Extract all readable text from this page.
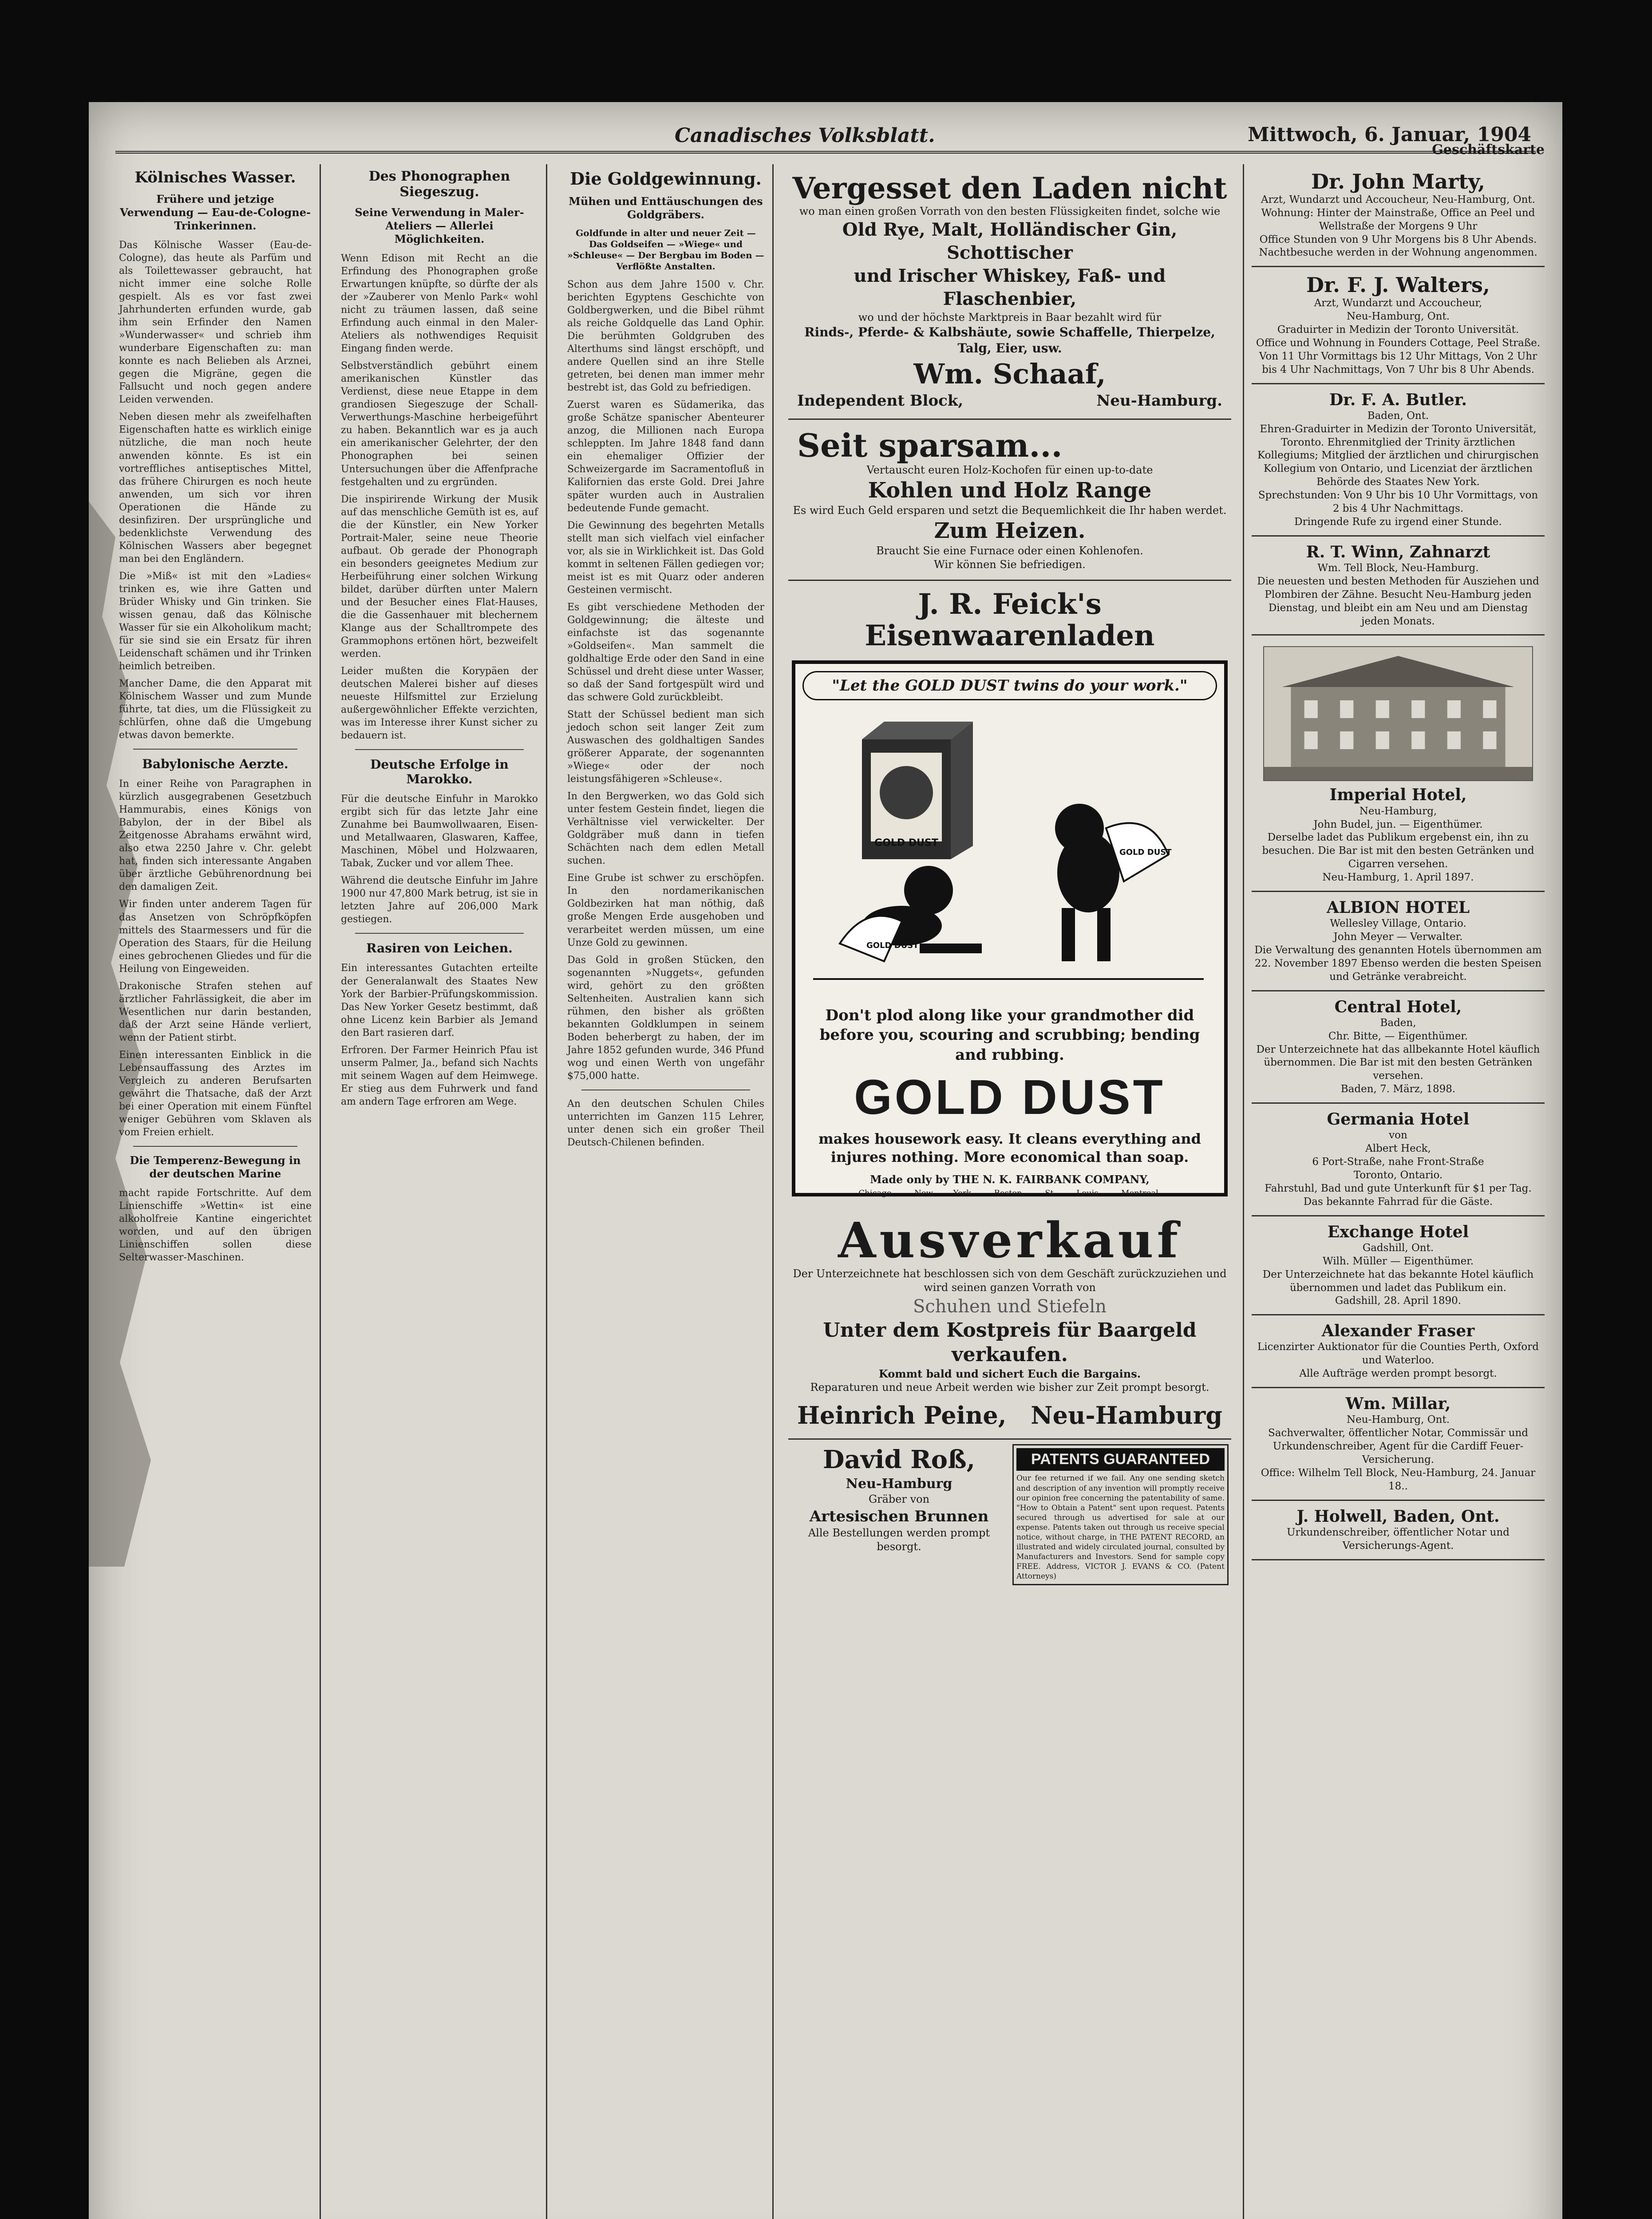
Canadisches Volksblatt.	Mittwoch, 6. Januar, 1904
Kölnisches Wasser.
Frühere und jetzige Verwendung — Eau-de-Cologne-Trinkerinnen.

Das Kölnische Wasser (Eau-de-Cologne), das heute als Parfüm und als Toilettewasser gebraucht, hat nicht immer eine solche Rolle gespielt. Als es vor fast zwei Jahrhunderten erfunden wurde, gab ihm sein Erfinder den Namen »Wunderwasser« und schrieb ihm wunderbare Eigenschaften zu: man konnte es nach Belieben als Arznei, gegen die Migräne, gegen die Fallsucht und noch gegen andere Leiden verwenden.

Neben diesen mehr als zweifelhaften Eigenschaften hatte es wirklich einige nützliche, die man noch heute anwenden könnte. Es ist ein vortreffliches antiseptisches Mittel, das frühere Chirurgen es noch heute anwenden, um sich vor ihren Operationen die Hände zu desinfiziren. Der ursprüngliche und bedenklichste Verwendung des Kölnischen Wassers aber begegnet man bei den Engländern.

Die »Miß« ist mit den »Ladies« trinken es, wie ihre Gatten und Brüder Whisky und Gin trinken. Sie wissen genau, daß das Kölnische Wasser für sie ein Alkoholikum macht; für sie sind sie ein Ersatz für ihren Leidenschaft schämen und ihr Trinken heimlich betreiben.

Mancher Dame, die den Apparat mit Kölnischem Wasser und zum Munde führte, tat dies, um die Flüssigkeit zu schlürfen, ohne daß die Umgebung etwas davon bemerkte.

Babylonische Aerzte.

In einer Reihe von Paragraphen in kürzlich ausgegrabenen Gesetzbuch Hammurabis, eines Königs von Babylon, der in der Bibel als Zeitgenosse Abrahams erwähnt wird, also etwa 2250 Jahre v. Chr. gelebt hat, finden sich interessante Angaben über ärztliche Gebührenordnung bei den damaligen Zeit.

Wir finden unter anderem Tagen für das Ansetzen von Schröpfköpfen mittels des Staarmessers und für die Operation des Staars, für die Heilung eines gebrochenen Gliedes und für die Heilung von Eingeweiden.

Drakonische Strafen stehen auf ärztlicher Fahrlässigkeit, die aber im Wesentlichen nur darin bestanden, daß der Arzt seine Hände verliert, wenn der Patient stirbt.

Einen interessanten Einblick in die Lebensauffassung des Arztes im Vergleich zu anderen Berufsarten gewährt die Thatsache, daß der Arzt bei einer Operation mit einem Fünftel weniger Gebühren vom Sklaven als vom Freien erhielt.

Die Temperenz-Bewegung in der deutschen Marine

macht rapide Fortschritte. Auf dem Linienschiffe »Wettin« ist eine alkoholfreie Kantine eingerichtet worden, und auf den übrigen Linienschiffen sollen diese Selterwasser-Maschinen.

Des Phonographen Siegeszug.
Seine Verwendung in Maler-Ateliers — Allerlei Möglichkeiten.

Wenn Edison mit Recht an die Erfindung des Phonographen große Erwartungen knüpfte, so dürfte der als der »Zauberer von Menlo Park« wohl nicht zu träumen lassen, daß seine Erfindung auch einmal in den Maler-Ateliers als nothwendiges Requisit Eingang finden werde.

Selbstverständlich gebührt einem amerikanischen Künstler das Verdienst, diese neue Etappe in dem grandiosen Siegeszuge der Schall-Verwerthungs-Maschine herbeigeführt zu haben. Bekanntlich war es ja auch ein amerikanischer Gelehrter, der den Phonographen bei seinen Untersuchungen über die Affenfprache festgehalten und zu ergründen.

Die inspirirende Wirkung der Musik auf das menschliche Gemüth ist es, auf die der Künstler, ein New Yorker Portrait-Maler, seine neue Theorie aufbaut. Ob gerade der Phonograph ein besonders geeignetes Medium zur Herbeiführung einer solchen Wirkung bildet, darüber dürften unter Malern und der Besucher eines Flat-Hauses, die die Gassenhauer mit blechernem Klange aus der Schalltrompete des Grammophons ertönen hört, bezweifelt werden.

Leider mußten die Korypäen der deutschen Malerei bisher auf dieses neueste Hilfsmittel zur Erzielung außergewöhnlicher Effekte verzichten, was im Interesse ihrer Kunst sicher zu bedauern ist.

Deutsche Erfolge in Marokko.

Für die deutsche Einfuhr in Marokko ergibt sich für das letzte Jahr eine Zunahme bei Baumwollwaaren, Eisen- und Metallwaaren, Glaswaren, Kaffee, Maschinen, Möbel und Holzwaaren, Tabak, Zucker und vor allem Thee.

Während die deutsche Einfuhr im Jahre 1900 nur 47,800 Mark betrug, ist sie in letzten Jahre auf 206,000 Mark gestiegen.

Rasiren von Leichen.

Ein interessantes Gutachten erteilte der Generalanwalt des Staates New York der Barbier-Prüfungskommission. Das New Yorker Gesetz bestimmt, daß ohne Licenz kein Barbier als Jemand den Bart rasieren darf.

Erfroren. Der Farmer Heinrich Pfau ist unserm Palmer, Ja., befand sich Nachts mit seinem Wagen auf dem Heimwege. Er stieg aus dem Fuhrwerk und fand am andern Tage erfroren am Wege.

Die Goldgewinnung.
Mühen und Enttäuschungen des Goldgräbers.
Goldfunde in alter und neuer Zeit — Das Goldseifen — »Wiege« und »Schleuse« — Der Bergbau im Boden — Verflößte Anstalten.

Schon aus dem Jahre 1500 v. Chr. berichten Egyptens Geschichte von Goldbergwerken, und die Bibel rühmt als reiche Goldquelle das Land Ophir. Die berühmten Goldgruben des Alterthums sind längst erschöpft, und andere Quellen sind an ihre Stelle getreten, bei denen man immer mehr bestrebt ist, das Gold zu befriedigen.

Zuerst waren es Südamerika, das große Schätze spanischer Abenteurer anzog, die Millionen nach Europa schleppten. Im Jahre 1848 fand dann ein ehemaliger Offizier der Schweizergarde im Sacramentofluß in Kalifornien das erste Gold. Drei Jahre später wurden auch in Australien bedeutende Funde gemacht.

Die Gewinnung des begehrten Metalls stellt man sich vielfach viel einfacher vor, als sie in Wirklichkeit ist. Das Gold kommt in seltenen Fällen gediegen vor; meist ist es mit Quarz oder anderen Gesteinen vermischt.

Es gibt verschiedene Methoden der Goldgewinnung; die älteste und einfachste ist das sogenannte »Goldseifen«. Man sammelt die goldhaltige Erde oder den Sand in eine Schüssel und dreht diese unter Wasser, so daß der Sand fortgespült wird und das schwere Gold zurückbleibt.

Statt der Schüssel bedient man sich jedoch schon seit langer Zeit zum Auswaschen des goldhaltigen Sandes größerer Apparate, der sogenannten »Wiege« oder der noch leistungsfähigeren »Schleuse«.

In den Bergwerken, wo das Gold sich unter festem Gestein findet, liegen die Verhältnisse viel verwickelter. Der Goldgräber muß dann in tiefen Schächten nach dem edlen Metall suchen.

Eine Grube ist schwer zu erschöpfen. In den nordamerikanischen Goldbezirken hat man nöthig, daß große Mengen Erde ausgehoben und verarbeitet werden müssen, um eine Unze Gold zu gewinnen.

Das Gold in großen Stücken, den sogenannten »Nuggets«, gefunden wird, gehört zu den größten Seltenheiten. Australien kann sich rühmen, den bisher als größten bekannten Goldklumpen in seinem Boden beherbergt zu haben, der im Jahre 1852 gefunden wurde, 346 Pfund wog und einen Werth von ungefähr $75,000 hatte.

An den deutschen Schulen Chiles unterrichten im Ganzen 115 Lehrer, unter denen sich ein großer Theil Deutsch-Chilenen befinden.

Vergesset den Laden nicht
wo man einen großen Vorrath von den besten Flüssigkeiten findet, solche wie
Old Rye, Malt, Holländischer Gin, Schottischer
und Irischer Whiskey, Faß- und Flaschenbier,
wo und der höchste Marktpreis in Baar bezahlt wird für
Rinds-, Pferde- & Kalbshäute, sowie Schaffelle, Thierpelze, Talg, Eier, usw.
Wm. Schaaf,
Independent Block,	Neu-Hamburg.
Seit sparsam...
Vertauscht euren Holz-Kochofen für einen up-to-date
Kohlen und Holz Range
Es wird Euch Geld ersparen und setzt die Bequemlichkeit die Ihr haben werdet.
Zum Heizen.
Braucht Sie eine Furnace oder einen Kohlenofen.
Wir können Sie befriedigen.
J. R. Feick's Eisenwaarenladen
"Let the GOLD DUST twins do your work."
GOLD DUST
GOLD DUST
GOLD DUST
Don't plod along like your grandmother did before you, scouring and scrubbing; bending and rubbing.
GOLD DUST
makes housework easy. It cleans everything and injures nothing. More economical than soap.
Made only by THE N. K. FAIRBANK COMPANY,
Chicago, New York, Boston, St. Louis. Montreal.
Ausverkauf
Der Unterzeichnete hat beschlossen sich von dem Geschäft zurückzuziehen und wird seinen ganzen Vorrath von
Schuhen und Stiefeln
Unter dem Kostpreis für Baargeld
verkaufen.
Kommt bald und sichert Euch die Bargains.
Reparaturen und neue Arbeit werden wie bisher zur Zeit prompt besorgt.
Heinrich Peine, Neu-Hamburg
David Roß,
Neu-Hamburg
Gräber von
Artesischen Brunnen
Alle Bestellungen werden prompt besorgt.
PATENTS GUARANTEED
Our fee returned if we fail. Any one sending sketch and description of any invention will promptly receive our opinion free concerning the patentability of same. "How to Obtain a Patent" sent upon request. Patents secured through us advertised for sale at our expense. Patents taken out through us receive special notice, without charge, in THE PATENT RECORD, an illustrated and widely circulated journal, consulted by Manufacturers and Investors. Send for sample copy FREE. Address, VICTOR J. EVANS & CO. (Patent Attorneys)
Geschäftskarte
Dr. John Marty,
Arzt, Wundarzt und Accoucheur, Neu-Hamburg, Ont.
Wohnung: Hinter der Mainstraße, Office an Peel und Wellstraße der Morgens 9 Uhr
Office Stunden von 9 Uhr Morgens bis 8 Uhr Abends.
Nachtbesuche werden in der Wohnung angenommen.
Dr. F. J. Walters,
Arzt, Wundarzt und Accoucheur,
Neu-Hamburg, Ont.
Graduirter in Medizin der Toronto Universität.
Office und Wohnung in Founders Cottage, Peel Straße.
Von 11 Uhr Vormittags bis 12 Uhr Mittags, Von 2 Uhr bis 4 Uhr Nachmittags, Von 7 Uhr bis 8 Uhr Abends.
Dr. F. A. Butler.
Baden, Ont.
Ehren-Graduirter in Medizin der Toronto Universität, Toronto. Ehrenmitglied der Trinity ärztlichen Kollegiums; Mitglied der ärztlichen und chirurgischen Kollegium von Ontario, und Licenziat der ärztlichen Behörde des Staates New York.
Sprechstunden: Von 9 Uhr bis 10 Uhr Vormittags, von 2 bis 4 Uhr Nachmittags.
Dringende Rufe zu irgend einer Stunde.
R. T. Winn, Zahnarzt
Wm. Tell Block, Neu-Hamburg.
Die neuesten und besten Methoden für Ausziehen und Plombiren der Zähne. Besucht Neu-Hamburg jeden Dienstag, und bleibt ein am Neu und am Dienstag jeden Monats.
Imperial Hotel,
Neu-Hamburg,
John Budel, jun. — Eigenthümer.
Derselbe ladet das Publikum ergebenst ein, ihn zu besuchen. Die Bar ist mit den besten Getränken und Cigarren versehen.
Neu-Hamburg, 1. April 1897.
ALBION HOTEL
Wellesley Village, Ontario.
John Meyer — Verwalter.
Die Verwaltung des genannten Hotels übernommen am 22. November 1897 Ebenso werden die besten Speisen und Getränke verabreicht.
Central Hotel,
Baden,
Chr. Bitte, — Eigenthümer.
Der Unterzeichnete hat das allbekannte Hotel käuflich übernommen. Die Bar ist mit den besten Getränken versehen.
Baden, 7. März, 1898.
Germania Hotel
von
Albert Heck,
6 Port-Straße, nahe Front-Straße
Toronto, Ontario.
Fahrstuhl, Bad und gute Unterkunft für $1 per Tag. Das bekannte Fahrrad für die Gäste.
Exchange Hotel
Gadshill, Ont.
Wilh. Müller — Eigenthümer.
Der Unterzeichnete hat das bekannte Hotel käuflich übernommen und ladet das Publikum ein.
Gadshill, 28. April 1890.
Alexander Fraser
Licenzirter Auktionator für die Counties Perth, Oxford und Waterloo.
Alle Aufträge werden prompt besorgt.
Wm. Millar,
Neu-Hamburg, Ont.
Sachverwalter, öffentlicher Notar, Commissär und Urkundenschreiber, Agent für die Cardiff Feuer-Versicherung.
Office: Wilhelm Tell Block, Neu-Hamburg, 24. Januar 18..
J. Holwell, Baden, Ont.
Urkundenschreiber, öffentlicher Notar und Versicherungs-Agent.
